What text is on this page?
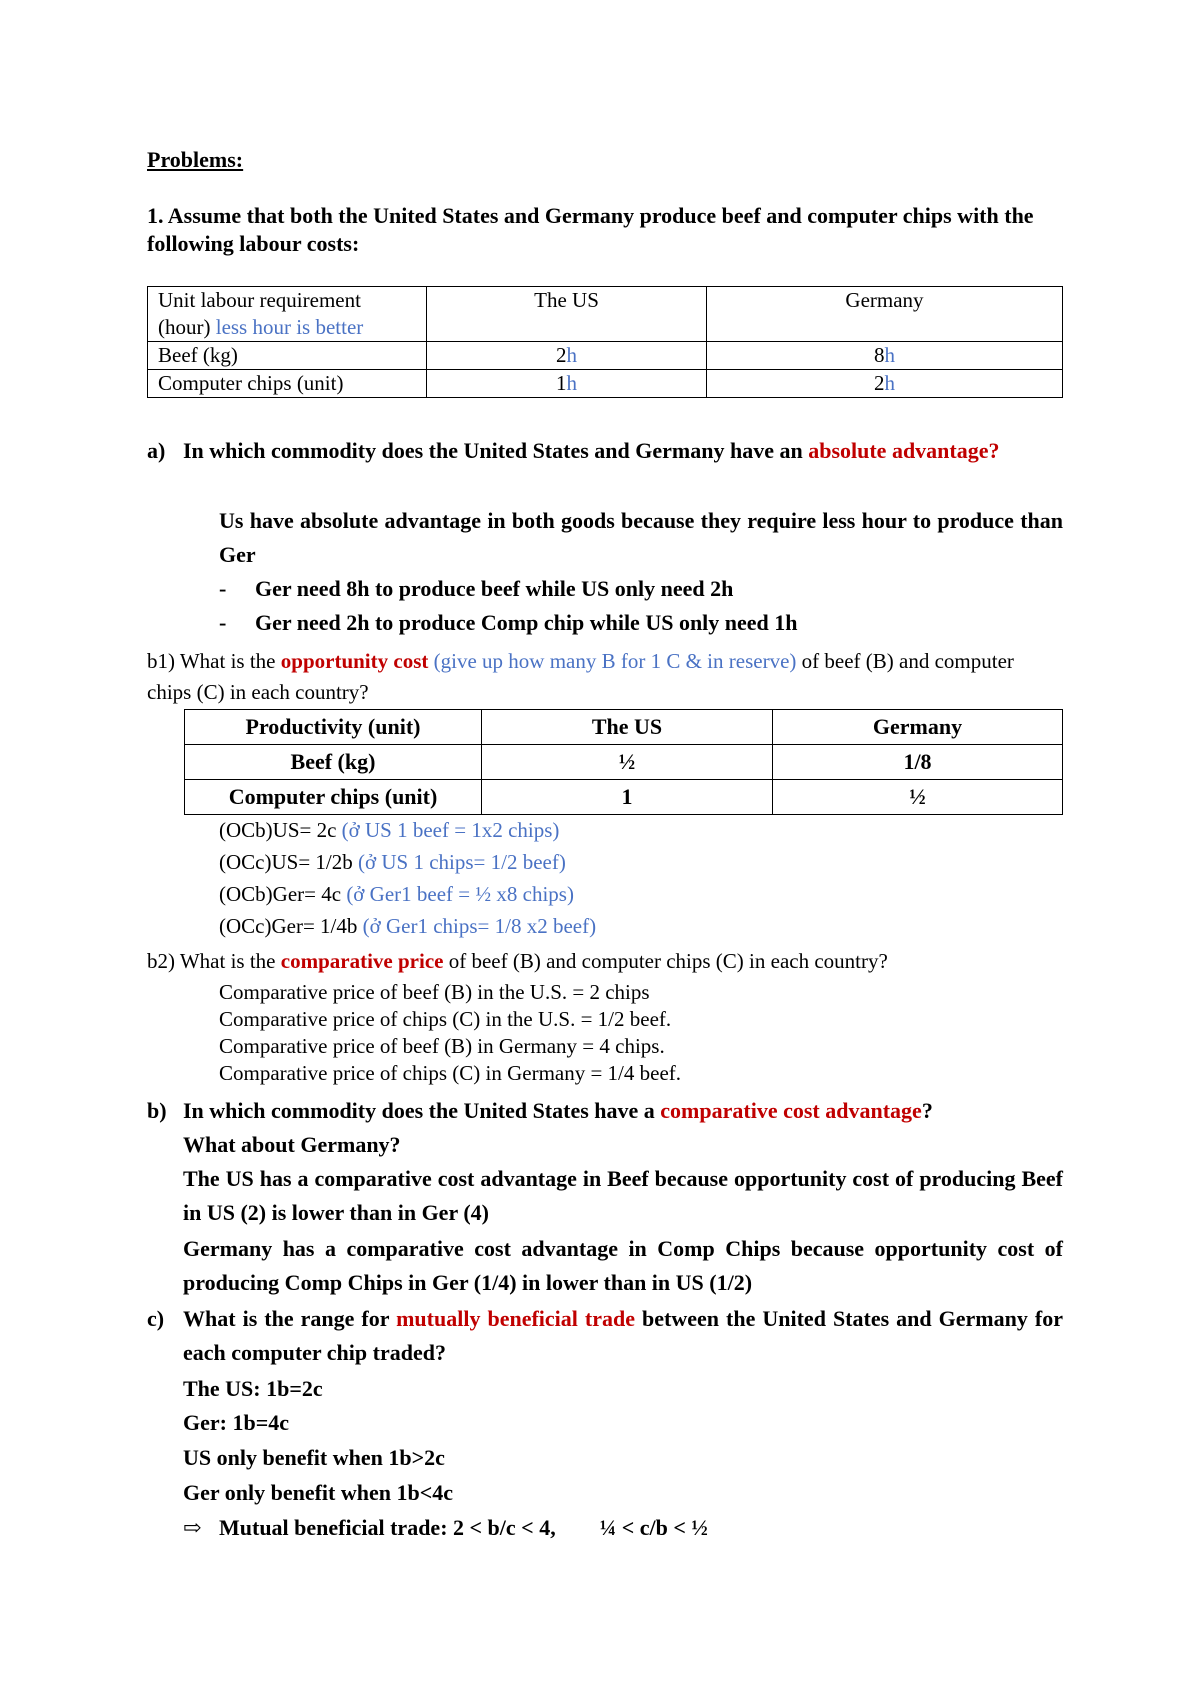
Problems:
1. Assume that both the United States and Germany produce beef and computer chips with the following labour costs:
Unit labour requirement
(hour) less hour is better	The US	Germany
Beef (kg)	2h	8h
Computer chips (unit)	1h	2h
a) In which commodity does the United States and Germany have an absolute advantage?
Us have absolute advantage in both goods because they require less hour to produce than Ger
- Ger need 8h to produce beef while US only need 2h
- Ger need 2h to produce Comp chip while US only need 1h
b1) What is the opportunity cost (give up how many B for 1 C & in reserve) of beef (B) and computer chips (C) in each country?
Productivity (unit)	The US	Germany
Beef (kg)	½	1/8
Computer chips (unit)	1	½
(OCb)US= 2c (ở US 1 beef = 1x2 chips)
(OCc)US= 1/2b (ở US 1 chips= 1/2 beef)
(OCb)Ger= 4c (ở Ger1 beef = ½ x8 chips)
(OCc)Ger= 1/4b (ở Ger1 chips= 1/8 x2 beef)
b2) What is the comparative price of beef (B) and computer chips (C) in each country?
Comparative price of beef (B) in the U.S. = 2 chips
Comparative price of chips (C) in the U.S. = 1/2 beef.
Comparative price of beef (B) in Germany = 4 chips.
Comparative price of chips (C) in Germany = 1/4 beef.
b) In which commodity does the United States have a comparative cost advantage?
What about Germany?
The US has a comparative cost advantage in Beef because opportunity cost of producing Beef in US (2) is lower than in Ger (4)
Germany has a comparative cost advantage in Comp Chips because opportunity cost of producing Comp Chips in Ger (1/4) in lower than in US (1/2)
c) What is the range for mutually beneficial trade between the United States and Germany for each computer chip traded?
The US: 1b=2c
Ger: 1b=4c
US only benefit when 1b>2c
Ger only benefit when 1b<4c
⇨ Mutual beneficial trade: 2 < b/c < 4, ¼ < c/b < ½
